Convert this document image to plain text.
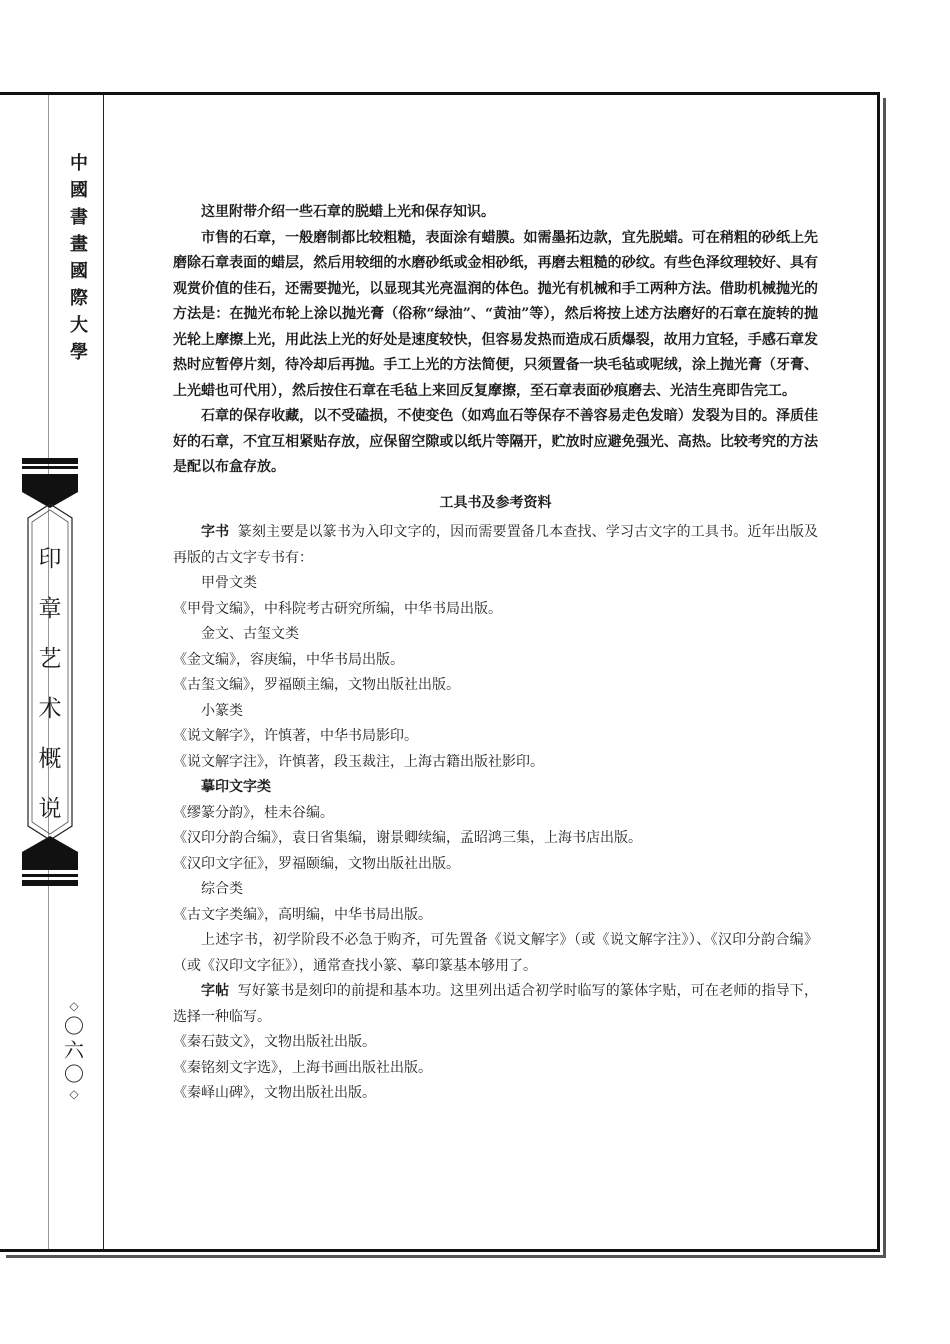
中
國
書
畫
國
際
大
學
印
章
艺
术
概
说
◇
〇
六
〇
◇

这里附带介绍一些石章的脱蜡上光和保存知识。

市售的石章，一般磨制都比较粗糙，表面涂有蜡膜。如需墨拓边款，宜先脱蜡。可在稍粗的砂纸上先磨除石章表面的蜡层，然后用较细的水磨砂纸或金相砂纸，再磨去粗糙的砂纹。有些色泽纹理较好、具有观赏价值的佳石，还需要抛光，以显现其光亮温润的体色。抛光有机械和手工两种方法。借助机械抛光的方法是：在抛光布轮上涂以抛光膏（俗称“绿油”、“黄油”等），然后将按上述方法磨好的石章在旋转的抛光轮上摩擦上光，用此法上光的好处是速度较快，但容易发热而造成石质爆裂，故用力宜轻，手感石章发热时应暂停片刻，待冷却后再抛。手工上光的方法简便，只须置备一块毛毡或呢绒，涂上抛光膏（牙膏、上光蜡也可代用），然后按住石章在毛毡上来回反复摩擦，至石章表面砂痕磨去、光洁生亮即告完工。

石章的保存收藏，以不受磕损，不使变色（如鸡血石等保存不善容易走色发暗）发裂为目的。泽质佳好的石章，不宜互相紧贴存放，应保留空隙或以纸片等隔开，贮放时应避免强光、高热。比较考究的方法是配以布盒存放。

工具书及参考资料

字书 篆刻主要是以篆书为入印文字的，因而需要置备几本查找、学习古文字的工具书。近年出版及再版的古文字专书有：

甲骨文类

《甲骨文编》，中科院考古研究所编，中华书局出版。

金文、古玺文类

《金文编》，容庚编，中华书局出版。

《古玺文编》，罗福颐主编，文物出版社出版。

小篆类

《说文解字》，许慎著，中华书局影印。

《说文解字注》，许慎著，段玉裁注，上海古籍出版社影印。

摹印文字类

《缪篆分韵》，桂未谷编。

《汉印分韵合编》，袁日省集编，谢景卿续编，孟昭鸿三集，上海书店出版。

《汉印文字征》，罗福颐编，文物出版社出版。

综合类

《古文字类编》，高明编，中华书局出版。

上述字书，初学阶段不必急于购齐，可先置备《说文解字》（或《说文解字注》）、《汉印分韵合编》（或《汉印文字征》），通常查找小篆、摹印篆基本够用了。

字帖 写好篆书是刻印的前提和基本功。这里列出适合初学时临写的篆体字贴，可在老师的指导下，选择一种临写。

《秦石鼓文》，文物出版社出版。

《秦铭刻文字选》，上海书画出版社出版。

《秦峄山碑》，文物出版社出版。
